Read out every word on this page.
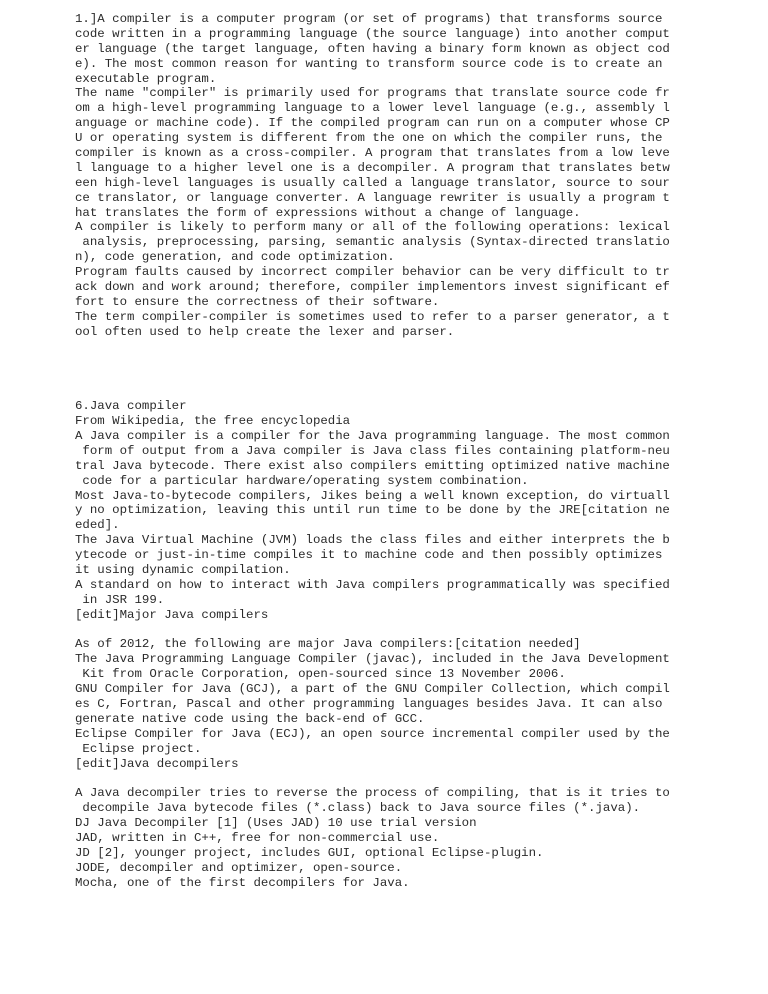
1.]A compiler is a computer program (or set of programs) that transforms source
code written in a programming language (the source language) into another comput
er language (the target language, often having a binary form known as object cod
e). The most common reason for wanting to transform source code is to create an
executable program.
The name "compiler" is primarily used for programs that translate source code fr
om a high-level programming language to a lower level language (e.g., assembly l
anguage or machine code). If the compiled program can run on a computer whose CP
U or operating system is different from the one on which the compiler runs, the
compiler is known as a cross-compiler. A program that translates from a low leve
l language to a higher level one is a decompiler. A program that translates betw
een high-level languages is usually called a language translator, source to sour
ce translator, or language converter. A language rewriter is usually a program t
hat translates the form of expressions without a change of language.
A compiler is likely to perform many or all of the following operations: lexical
analysis, preprocessing, parsing, semantic analysis (Syntax-directed translatio
n), code generation, and code optimization.
Program faults caused by incorrect compiler behavior can be very difficult to tr
ack down and work around; therefore, compiler implementors invest significant ef
fort to ensure the correctness of their software.
The term compiler-compiler is sometimes used to refer to a parser generator, a t
ool often used to help create the lexer and parser.
6.Java compiler
From Wikipedia, the free encyclopedia
A Java compiler is a compiler for the Java programming language. The most common
form of output from a Java compiler is Java class files containing platform-neu
tral Java bytecode. There exist also compilers emitting optimized native machine
code for a particular hardware/operating system combination.
Most Java-to-bytecode compilers, Jikes being a well known exception, do virtuall
y no optimization, leaving this until run time to be done by the JRE[citation ne
eded].
The Java Virtual Machine (JVM) loads the class files and either interprets the b
ytecode or just-in-time compiles it to machine code and then possibly optimizes
it using dynamic compilation.
A standard on how to interact with Java compilers programmatically was specified
in JSR 199.
[edit]Major Java compilers
As of 2012, the following are major Java compilers:[citation needed]
The Java Programming Language Compiler (javac), included in the Java Development
Kit from Oracle Corporation, open-sourced since 13 November 2006.
GNU Compiler for Java (GCJ), a part of the GNU Compiler Collection, which compil
es C, Fortran, Pascal and other programming languages besides Java. It can also
generate native code using the back-end of GCC.
Eclipse Compiler for Java (ECJ), an open source incremental compiler used by the
Eclipse project.
[edit]Java decompilers
A Java decompiler tries to reverse the process of compiling, that is it tries to
decompile Java bytecode files (*.class) back to Java source files (*.java).
DJ Java Decompiler [1] (Uses JAD) 10 use trial version
JAD, written in C++, free for non-commercial use.
JD [2], younger project, includes GUI, optional Eclipse-plugin.
JODE, decompiler and optimizer, open-source.
Mocha, one of the first decompilers for Java.
